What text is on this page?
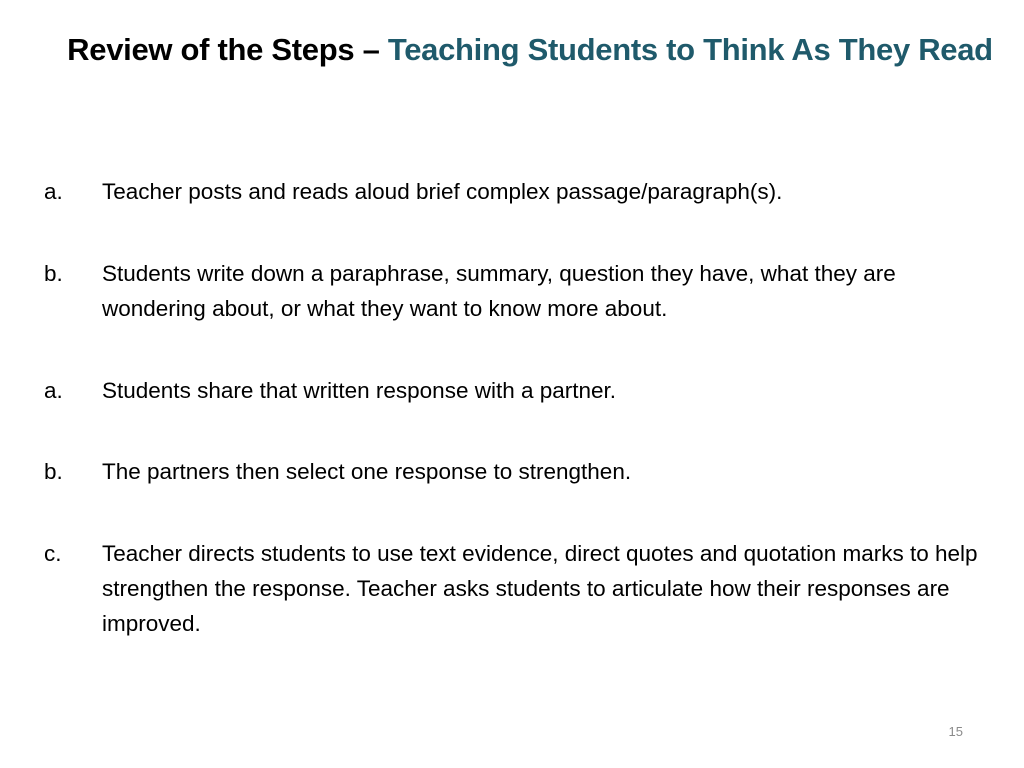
Review of the Steps – Teaching Students to Think As They Read
a. Teacher posts and reads aloud brief complex passage/paragraph(s).
b. Students write down a paraphrase, summary, question they have, what they are wondering about, or what they want to know more about.
a. Students share that written response with a partner.
b. The partners then select one response to strengthen.
c. Teacher directs students to use text evidence, direct quotes and quotation marks to help strengthen the response. Teacher asks students to articulate how their responses are improved.
15
